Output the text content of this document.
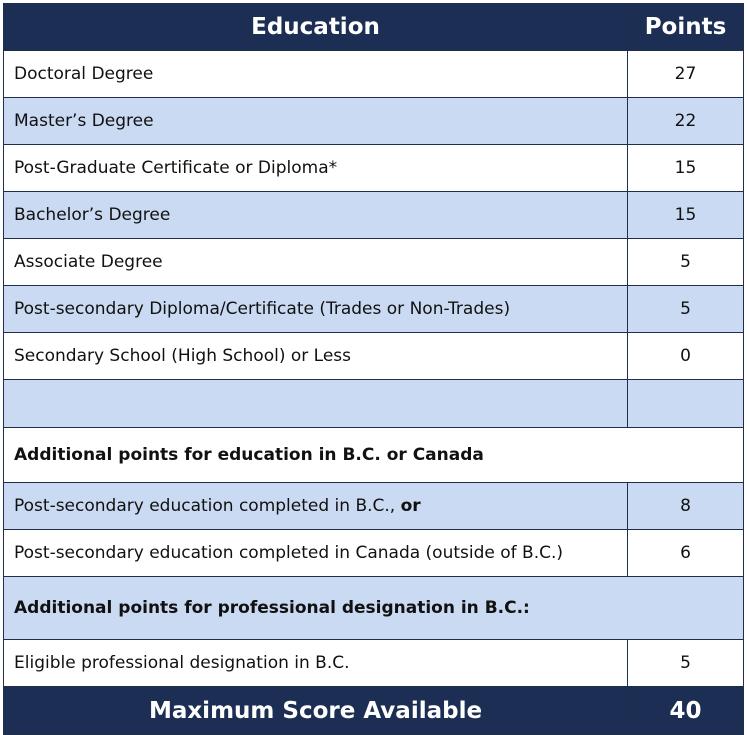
Education	Points
Doctoral Degree	27
Master’s Degree	22
Post-Graduate Certificate or Diploma*	15
Bachelor’s Degree	15
Associate Degree	5
Post-secondary Diploma/Certificate (Trades or Non-Trades)	5
Secondary School (High School) or Less	0

Additional points for education in B.C. or Canada	
Post-secondary education completed in B.C., or	8
Post-secondary education completed in Canada (outside of B.C.)	6
Additional points for professional designation in B.C.:	
Eligible professional designation in B.C.	5
Maximum Score Available	40
